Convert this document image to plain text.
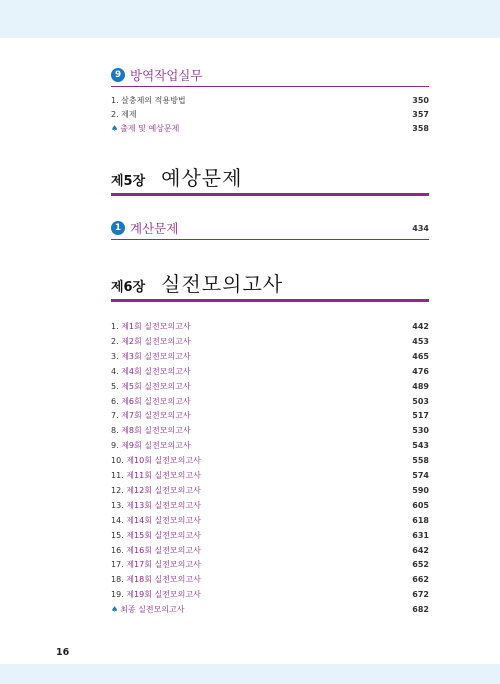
9 방역작업실무
1. 살충제의 적용방법	350
2. 제제	357
♠ 출제 및 예상문제	358
제5장 예상문제
1 계산문제	434
제6장 실전모의고사
1. 제1회 실전모의고사	442
2. 제2회 실전모의고사	453
3. 제3회 실전모의고사	465
4. 제4회 실전모의고사	476
5. 제5회 실전모의고사	489
6. 제6회 실전모의고사	503
7. 제7회 실전모의고사	517
8. 제8회 실전모의고사	530
9. 제9회 실전모의고사	543
10. 제10회 실전모의고사	558
11. 제11회 실전모의고사	574
12. 제12회 실전모의고사	590
13. 제13회 실전모의고사	605
14. 제14회 실전모의고사	618
15. 제15회 실전모의고사	631
16. 제16회 실전모의고사	642
17. 제17회 실전모의고사	652
18. 제18회 실전모의고사	662
19. 제19회 실전모의고사	672
♠ 최종 실전모의고사	682
16
